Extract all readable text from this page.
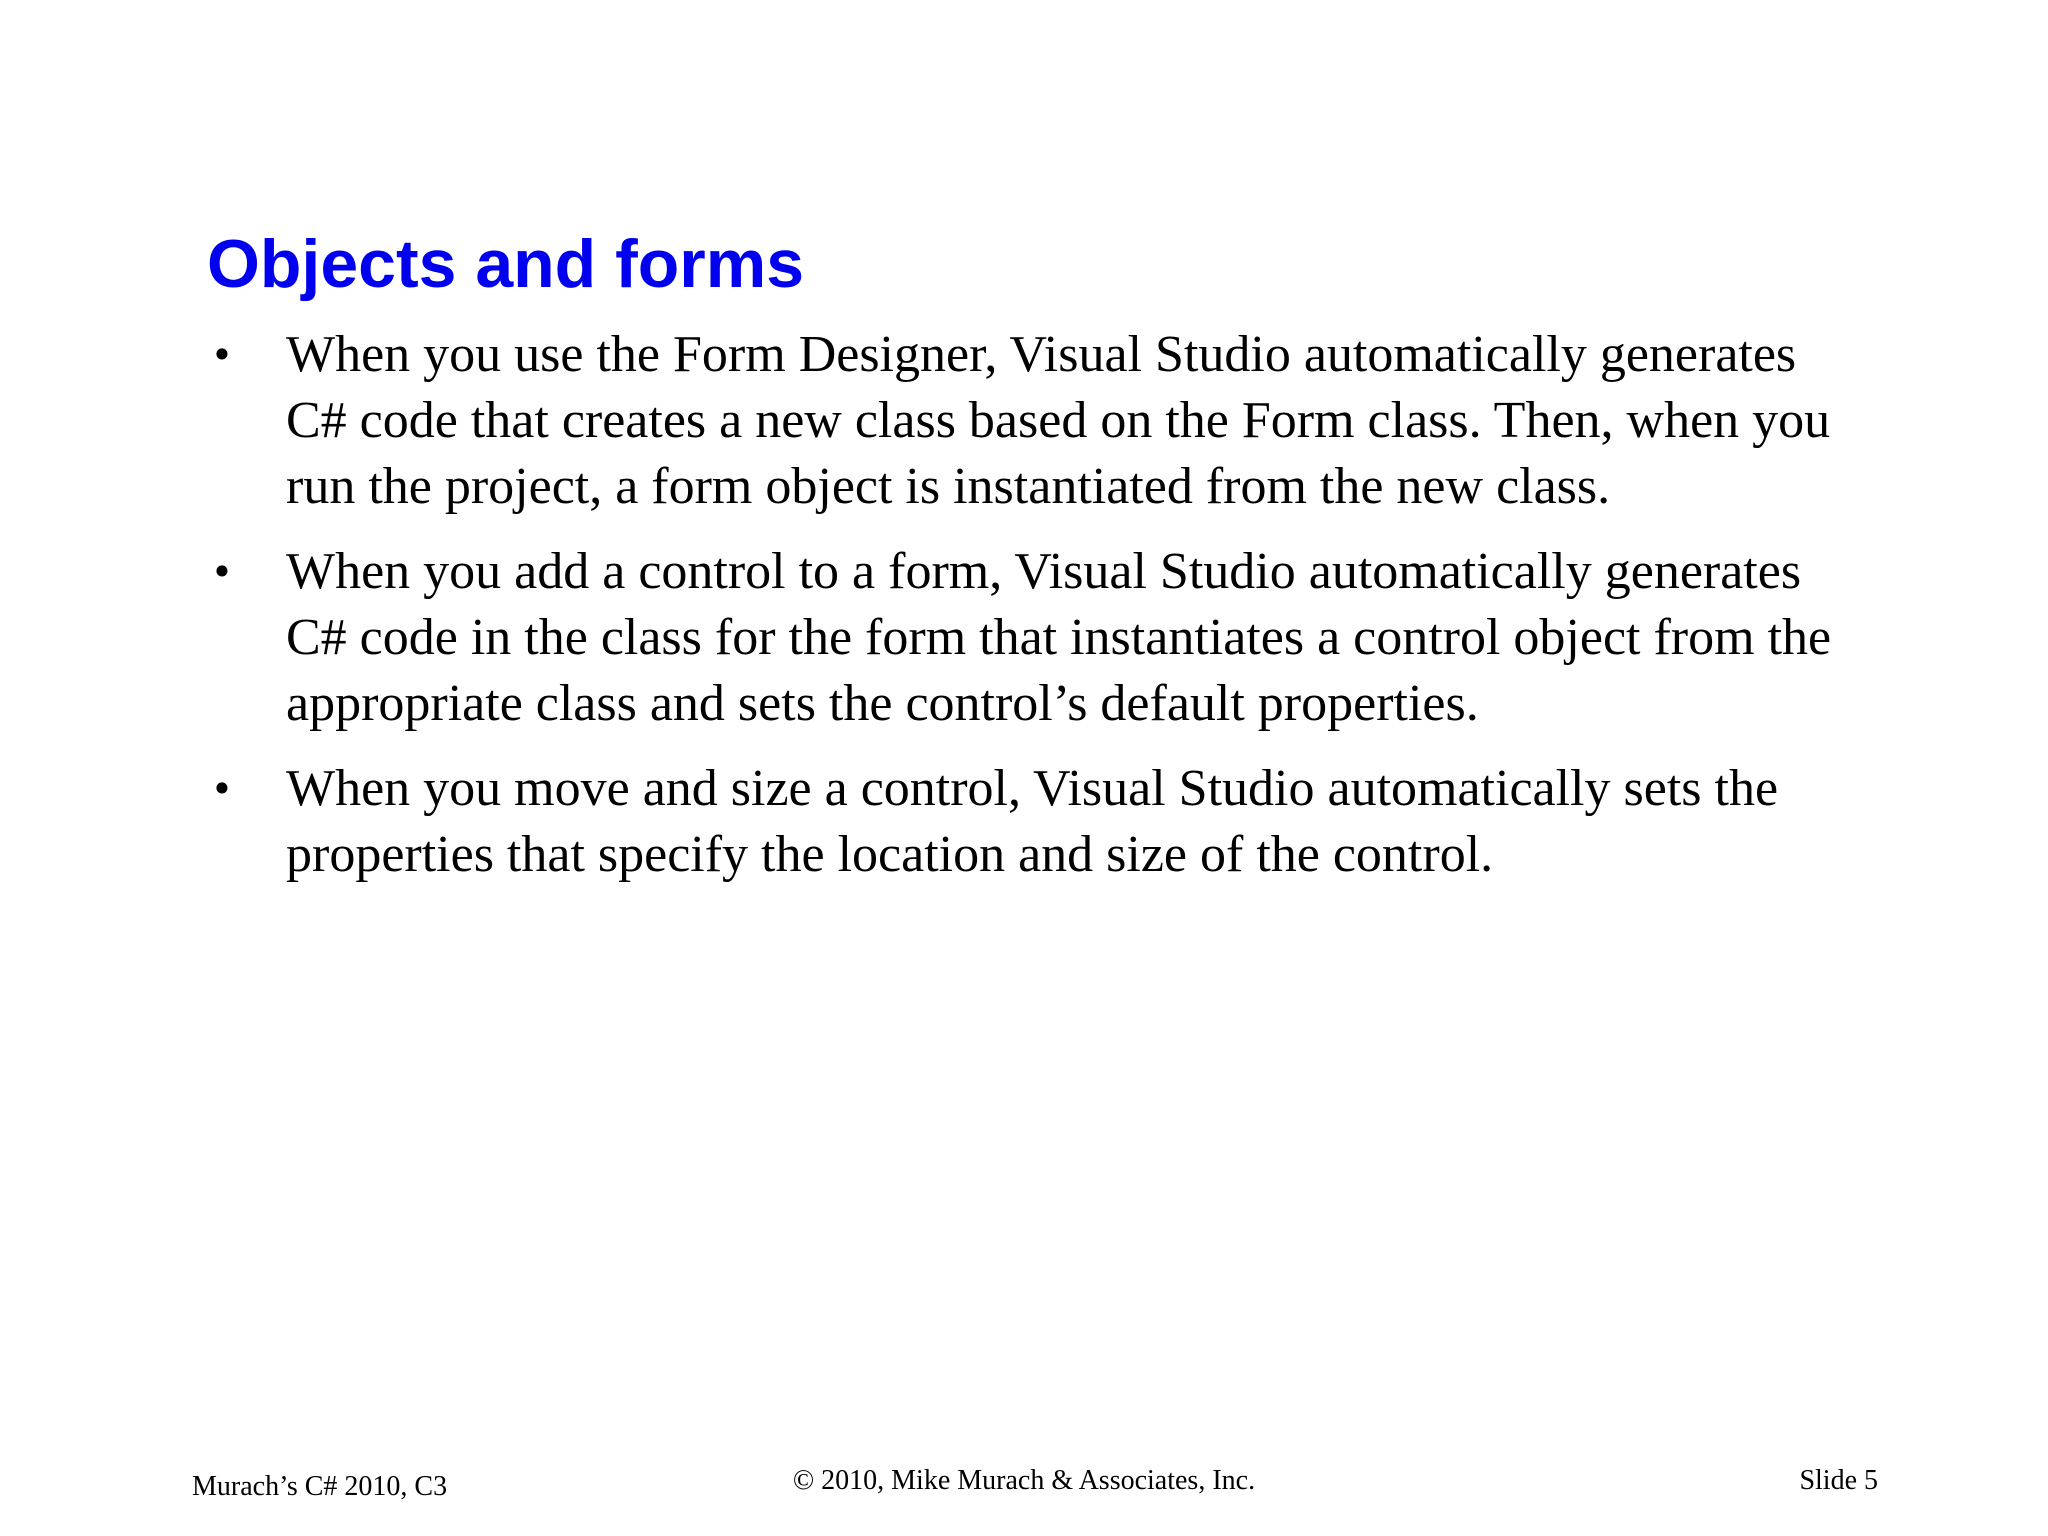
Objects and forms
• When you use the Form Designer, Visual Studio automatically generates C# code that creates a new class based on the Form class. Then, when you run the project, a form object is instantiated from the new class.
• When you add a control to a form, Visual Studio automatically generates C# code in the class for the form that instantiates a control object from the appropriate class and sets the control’s default properties.
• When you move and size a control, Visual Studio automatically sets the properties that specify the location and size of the control.
Murach’s C# 2010, C3	© 2010, Mike Murach & Associates, Inc.	Slide 5
